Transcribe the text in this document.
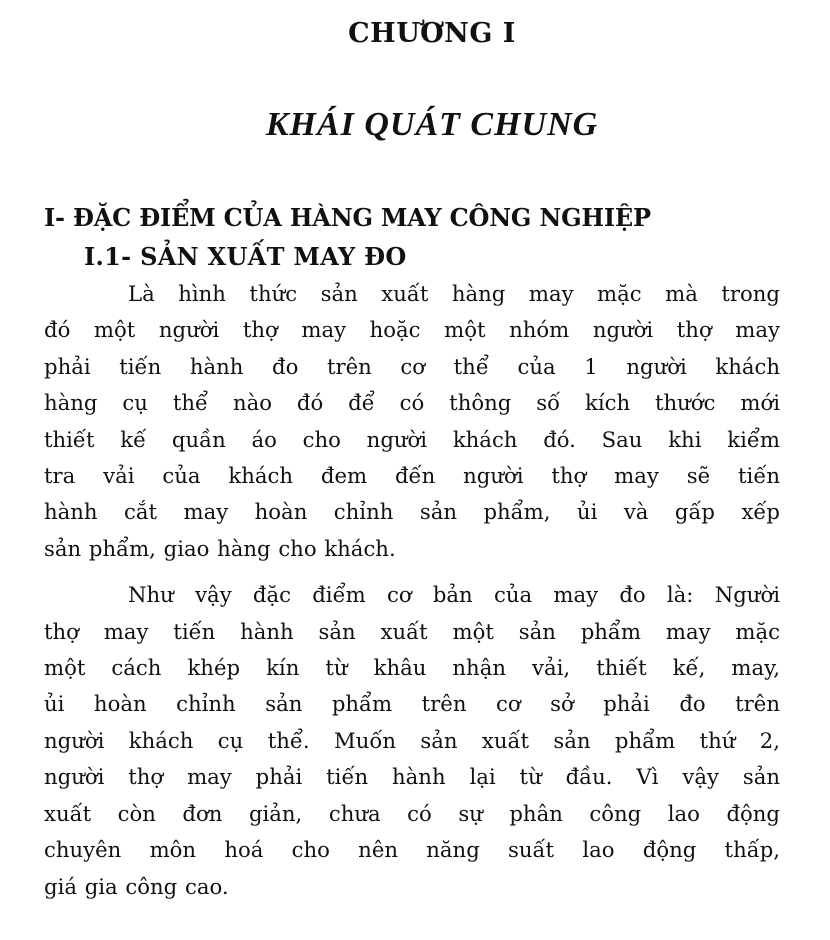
CHƯƠNG I
KHÁI QUÁT CHUNG
I- ĐẶC ĐIỂM CỦA HÀNG MAY CÔNG NGHIỆP
I.1- SẢN XUẤT MAY ĐO

Là hình thức sản xuất hàng may mặc mà trong
đó một người thợ may hoặc một nhóm người thợ may
phải tiến hành đo trên cơ thể của 1 người khách
hàng cụ thể nào đó để có thông số kích thước mới
thiết kế quần áo cho người khách đó. Sau khi kiểm
tra vải của khách đem đến người thợ may sẽ tiến
hành cắt may hoàn chỉnh sản phẩm, ủi và gấp xếp
sản phẩm, giao hàng cho khách.

Như vậy đặc điểm cơ bản của may đo là: Người
thợ may tiến hành sản xuất một sản phẩm may mặc
một cách khép kín từ khâu nhận vải, thiết kế, may,
ủi hoàn chỉnh sản phẩm trên cơ sở phải đo trên
người khách cụ thể. Muốn sản xuất sản phẩm thứ 2,
người thợ may phải tiến hành lại từ đầu. Vì vậy sản
xuất còn đơn giản, chưa có sự phân công lao động
chuyên môn hoá cho nên năng suất lao động thấp,
giá gia công cao.
